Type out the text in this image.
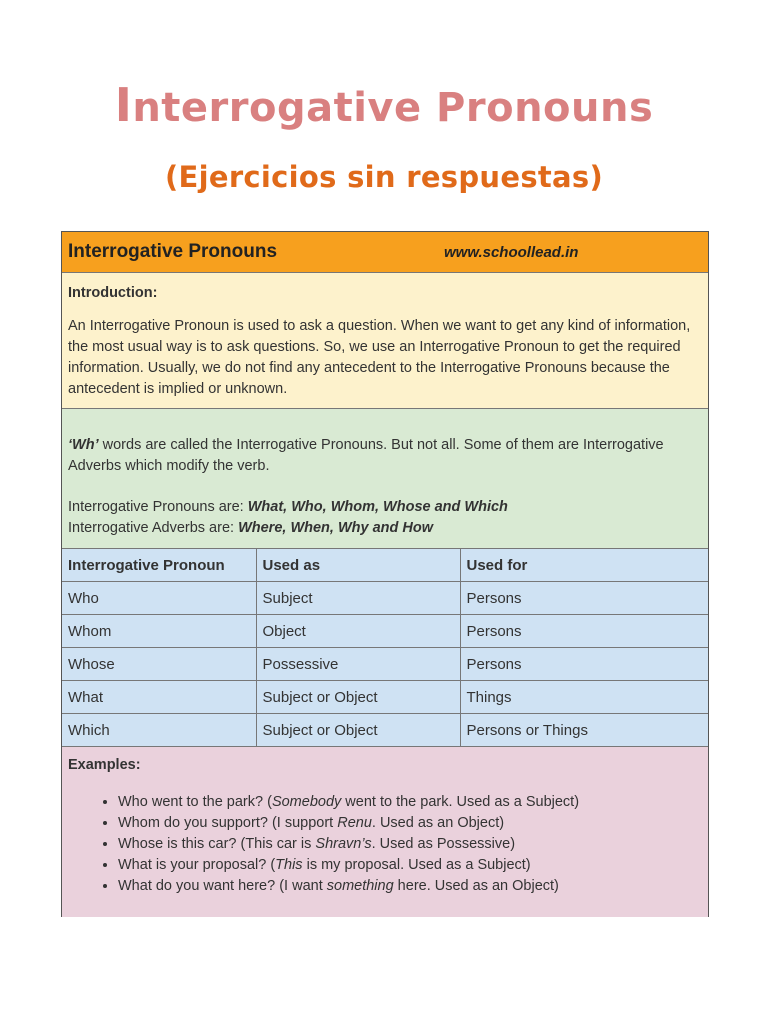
Interrogative Pronouns
(Ejercicios sin respuestas)
Interrogative Pronouns	www.schoollead.in
Introduction:
An Interrogative Pronoun is used to ask a question. When we want to get any kind of information, the most usual way is to ask questions. So, we use an Interrogative Pronoun to get the required information. Usually, we do not find any antecedent to the Interrogative Pronouns because the antecedent is implied or unknown.

‘Wh’ words are called the Interrogative Pronouns. But not all. Some of them are Interrogative Adverbs which modify the verb.

Interrogative Pronouns are: What, Who, Whom, Whose and Which

Interrogative Adverbs are: Where, When, Why and How

Interrogative Pronoun	Used as	Used for
Who	Subject	Persons
Whom	Object	Persons
Whose	Possessive	Persons
What	Subject or Object	Things
Which	Subject or Object	Persons or Things
Examples:
• Who went to the park? (Somebody went to the park. Used as a Subject)
• Whom do you support? (I support Renu. Used as an Object)
• Whose is this car? (This car is Shravn’s. Used as Possessive)
• What is your proposal? (This is my proposal. Used as a Subject)
• What do you want here? (I want something here. Used as an Object)
